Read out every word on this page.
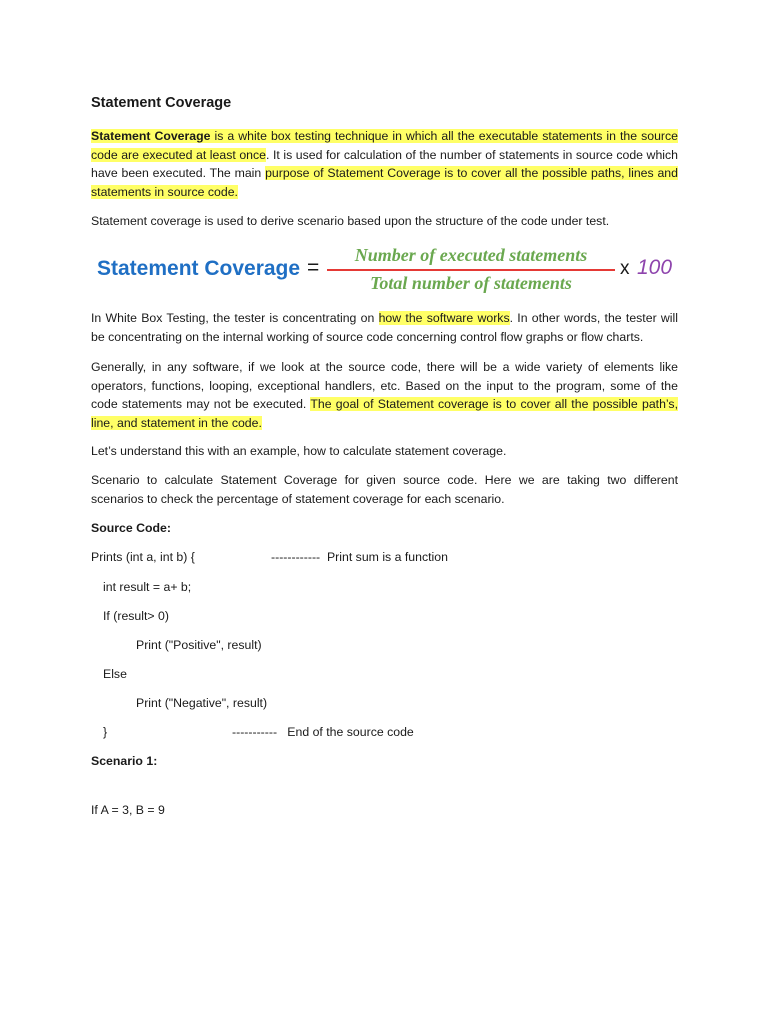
Statement Coverage

Statement Coverage is a white box testing technique in which all the executable statements in the source code are executed at least once. It is used for calculation of the number of statements in source code which have been executed. The main purpose of Statement Coverage is to cover all the possible paths, lines and statements in source code.

Statement coverage is used to derive scenario based upon the structure of the code under test.

Statement Coverage =
Number of executed statements
Total number of statements
x 100

In White Box Testing, the tester is concentrating on how the software works. In other words, the tester will be concentrating on the internal working of source code concerning control flow graphs or flow charts.

Generally, in any software, if we look at the source code, there will be a wide variety of elements like operators, functions, looping, exceptional handlers, etc. Based on the input to the program, some of the code statements may not be executed. The goal of Statement coverage is to cover all the possible path’s, line, and statement in the code.

Let’s understand this with an example, how to calculate statement coverage.

Scenario to calculate Statement Coverage for given source code. Here we are taking two different scenarios to check the percentage of statement coverage for each scenario.

Source Code:
Prints (int a, int b) {	------------  Print sum is a function
int result = a+ b;
If (result> 0)
Print ("Positive", result)
Else
Print ("Negative", result)
}	-----------   End of the source code
Scenario 1:
If A = 3, B = 9
